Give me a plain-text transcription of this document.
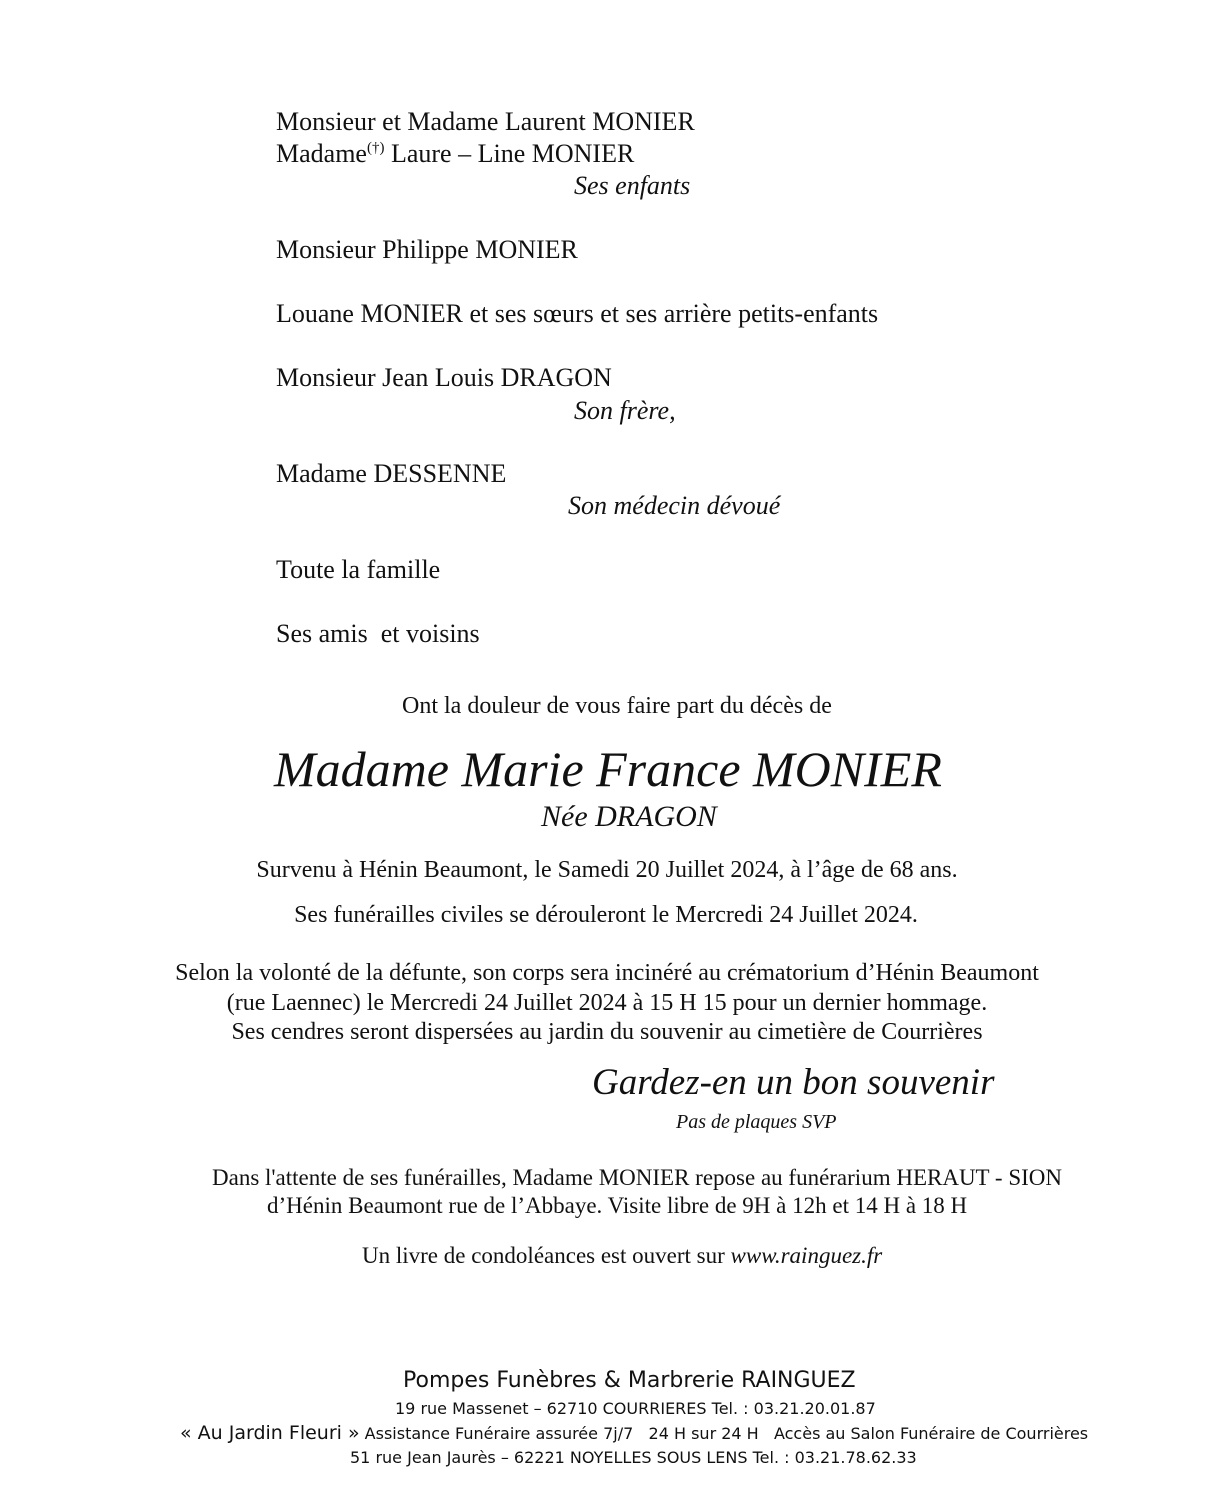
Monsieur et Madame Laurent MONIER

Madame(†) Laure – Line MONIER

Ses enfants

Monsieur Philippe MONIER

Louane MONIER et ses sœurs et ses arrière petits-enfants

Monsieur Jean Louis DRAGON

Son frère,

Madame DESSENNE

Son médecin dévoué

Toute la famille

Ses amis  et voisins

Ont la douleur de vous faire part du décès de

Madame Marie France MONIER

Née DRAGON

Survenu à Hénin Beaumont, le Samedi 20 Juillet 2024, à l’âge de 68 ans.

Ses funérailles civiles se dérouleront le Mercredi 24 Juillet 2024.

Selon la volonté de la défunte, son corps sera incinéré au crématorium d’Hénin Beaumont

(rue Laennec) le Mercredi 24 Juillet 2024 à 15 H 15 pour un dernier hommage.

Ses cendres seront dispersées au jardin du souvenir au cimetière de Courrières

Gardez-en un bon souvenir

Pas de plaques SVP

Dans l'attente de ses funérailles, Madame MONIER repose au funérarium HERAUT - SION

d’Hénin Beaumont rue de l’Abbaye. Visite libre de 9H à 12h et 14 H à 18 H

Un livre de condoléances est ouvert sur www.rainguez.fr

Pompes Funèbres & Marbrerie RAINGUEZ

19 rue Massenet – 62710 COURRIERES Tel. : 03.21.20.01.87

« Au Jardin Fleuri » Assistance Funéraire assurée 7j/7   24 H sur 24 H   Accès au Salon Funéraire de Courrières

51 rue Jean Jaurès – 62221 NOYELLES SOUS LENS Tel. : 03.21.78.62.33
